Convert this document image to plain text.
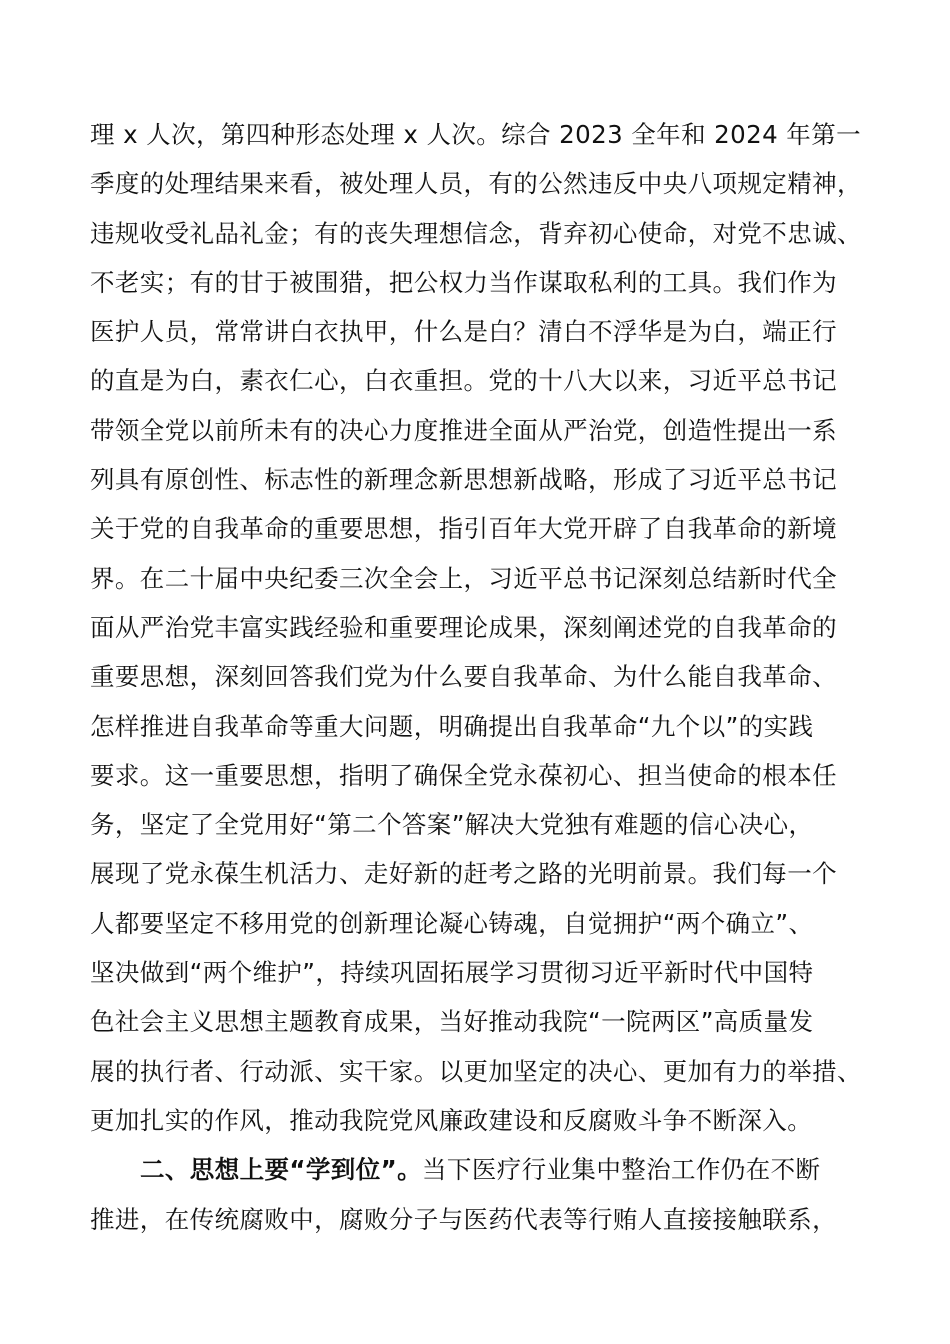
理 x 人次，第四种形态处理 x 人次。综合 2023 全年和 2024 年第一
季度的处理结果来看，被处理人员，有的公然违反中央八项规定精神，
违规收受礼品礼金；有的丧失理想信念，背弃初心使命，对党不忠诚、
不老实；有的甘于被围猎，把公权力当作谋取私利的工具。我们作为
医护人员，常常讲白衣执甲，什么是白？清白不浮华是为白，端正行
的直是为白，素衣仁心，白衣重担。党的十八大以来，习近平总书记
带领全党以前所未有的决心力度推进全面从严治党，创造性提出一系
列具有原创性、标志性的新理念新思想新战略，形成了习近平总书记
关于党的自我革命的重要思想，指引百年大党开辟了自我革命的新境
界。在二十届中央纪委三次全会上，习近平总书记深刻总结新时代全
面从严治党丰富实践经验和重要理论成果，深刻阐述党的自我革命的
重要思想，深刻回答我们党为什么要自我革命、为什么能自我革命、
怎样推进自我革命等重大问题，明确提出自我革命“九个以”的实践
要求。这一重要思想，指明了确保全党永葆初心、担当使命的根本任
务，坚定了全党用好“第二个答案”解决大党独有难题的信心决心，
展现了党永葆生机活力、走好新的赶考之路的光明前景。我们每一个
人都要坚定不移用党的创新理论凝心铸魂，自觉拥护“两个确立”、
坚决做到“两个维护”，持续巩固拓展学习贯彻习近平新时代中国特
色社会主义思想主题教育成果，当好推动我院“一院两区”高质量发
展的执行者、行动派、实干家。以更加坚定的决心、更加有力的举措、
更加扎实的作风，推动我院党风廉政建设和反腐败斗争不断深入。
二、思想上要“学到位”。当下医疗行业集中整治工作仍在不断
推进，在传统腐败中，腐败分子与医药代表等行贿人直接接触联系，
